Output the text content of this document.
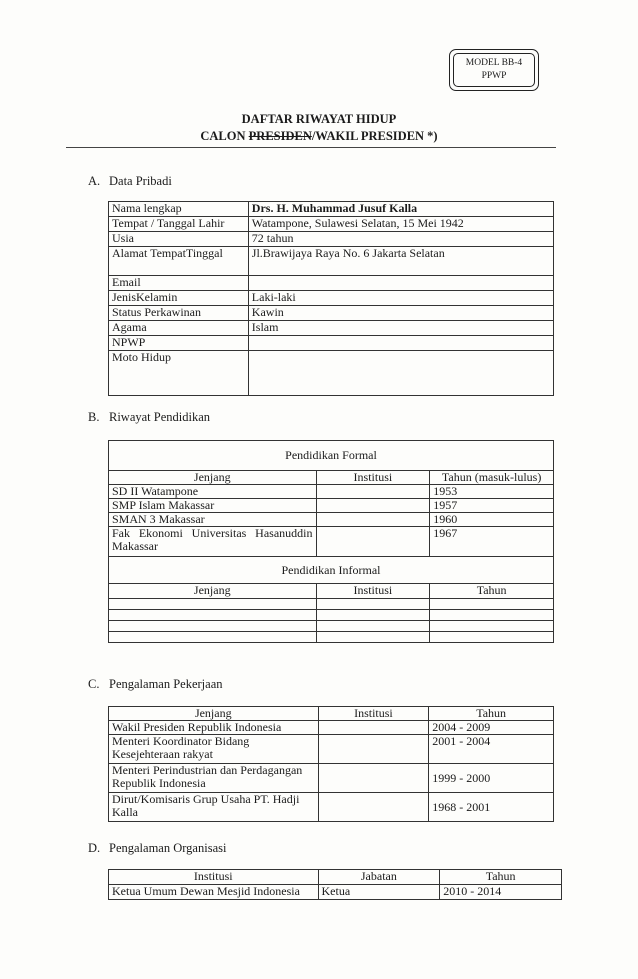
MODEL BB-4
PPWP
DAFTAR RIWAYAT HIDUP
CALON PRESIDEN/WAKIL PRESIDEN *)
A. Data Pribadi
Nama lengkap	Drs. H. Muhammad Jusuf Kalla
Tempat / Tanggal Lahir	Watampone, Sulawesi Selatan, 15 Mei 1942
Usia	72 tahun
Alamat TempatTinggal	Jl.Brawijaya Raya No. 6 Jakarta Selatan
Email	
JenisKelamin	Laki-laki
Status Perkawinan	Kawin
Agama	Islam
NPWP	
Moto Hidup	
B. Riwayat Pendidikan
Pendidikan Formal		
Jenjang	Institusi	Tahun (masuk-lulus)
SD II Watampone		1953
SMP Islam Makassar		1957
SMAN 3 Makassar		1960
Fak Ekonomi Universitas Hasanuddin Makassar		1967
Pendidikan Informal		
Jenjang	Institusi	Tahun

C. Pengalaman Pekerjaan
Jenjang	Institusi	Tahun
Wakil Presiden Republik Indonesia		2004 - 2009
Menteri Koordinator Bidang Kesejehteraan rakyat		2001 - 2004
Menteri Perindustrian dan Perdagangan Republik Indonesia		1999 - 2000
Dirut/Komisaris Grup Usaha PT. Hadji Kalla		1968 - 2001
D. Pengalaman Organisasi
Institusi	Jabatan	Tahun
Ketua Umum Dewan Mesjid Indonesia	Ketua	2010 - 2014
